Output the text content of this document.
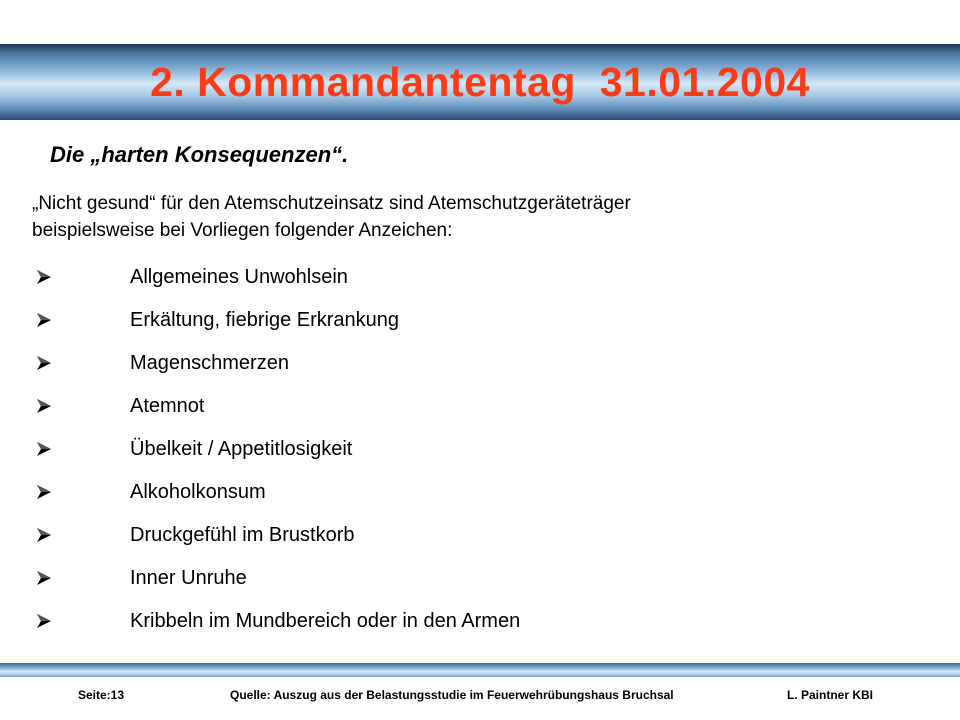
2. Kommandantentag  31.01.2004
Die „harten Konsequenzen“.
„Nicht gesund“ für den Atemschutzeinsatz sind Atemschutzgeräteträger
beispielsweise bei Vorliegen folgender Anzeichen:
Allgemeines Unwohlsein
Erkältung, fiebrige Erkrankung
Magenschmerzen
Atemnot
Übelkeit / Appetitlosigkeit
Alkoholkonsum
Druckgefühl im Brustkorb
Inner Unruhe
Kribbeln im Mundbereich oder in den Armen
Seite:13	Quelle: Auszug aus der Belastungsstudie im Feuerwehrübungshaus Bruchsal	L. Paintner KBI
